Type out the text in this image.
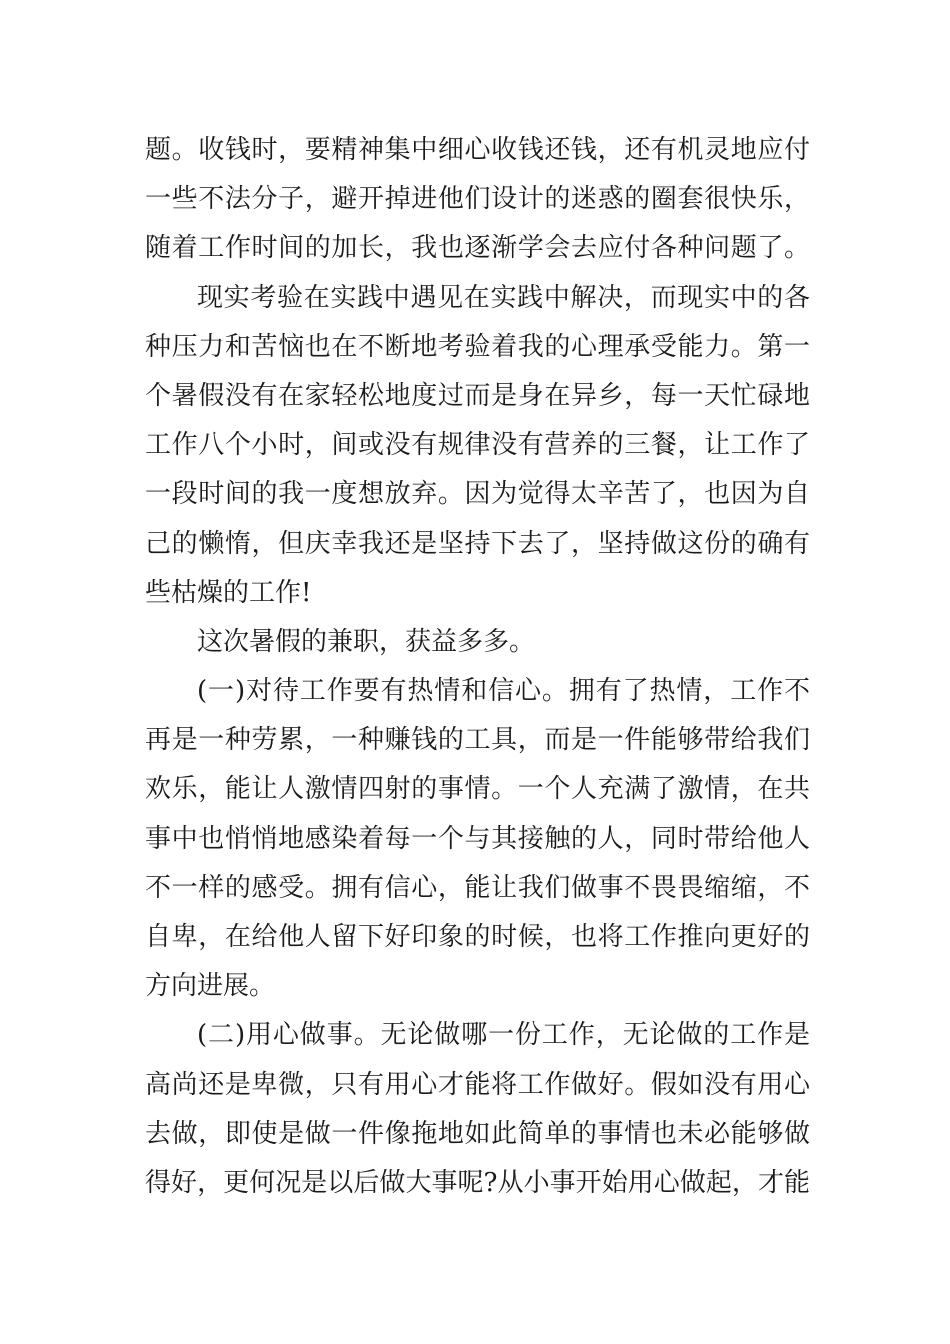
题。收钱时，要精神集中细心收钱还钱，还有机灵地应付
一些不法分子，避开掉进他们设计的迷惑的圈套很快乐，
随着工作时间的加长，我也逐渐学会去应付各种问题了。
现实考验在实践中遇见在实践中解决，而现实中的各
种压力和苦恼也在不断地考验着我的心理承受能力。第一
个暑假没有在家轻松地度过而是身在异乡，每一天忙碌地
工作八个小时，间或没有规律没有营养的三餐，让工作了
一段时间的我一度想放弃。因为觉得太辛苦了，也因为自
己的懒惰，但庆幸我还是坚持下去了，坚持做这份的确有
些枯燥的工作!
这次暑假的兼职，获益多多。
(一)对待工作要有热情和信心。拥有了热情，工作不
再是一种劳累，一种赚钱的工具，而是一件能够带给我们
欢乐，能让人激情四射的事情。一个人充满了激情，在共
事中也悄悄地感染着每一个与其接触的人，同时带给他人
不一样的感受。拥有信心，能让我们做事不畏畏缩缩，不
自卑，在给他人留下好印象的时候，也将工作推向更好的
方向进展。
(二)用心做事。无论做哪一份工作，无论做的工作是
高尚还是卑微，只有用心才能将工作做好。假如没有用心
去做，即使是做一件像拖地如此简单的事情也未必能够做
得好，更何况是以后做大事呢?从小事开始用心做起，才能
